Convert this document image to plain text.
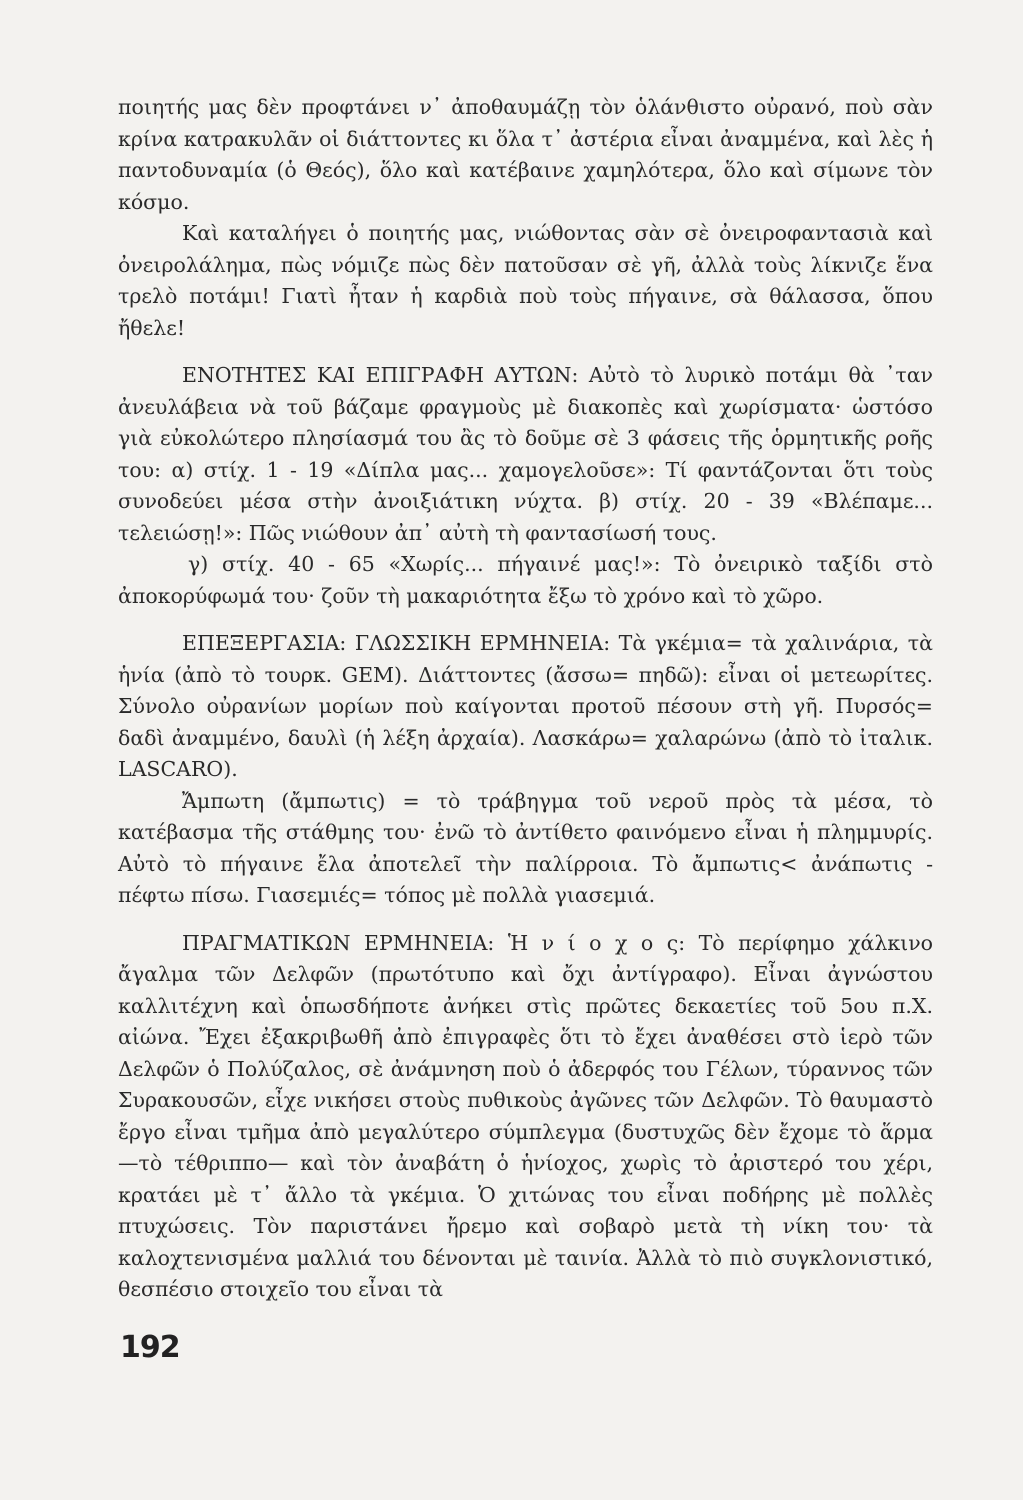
ποιητής μας δὲν προφτάνει ν᾿ ἀποθαυμάζῃ τὸν ὁλάνθιστο οὐρανό, ποὺ σὰν κρίνα κατρακυλᾶν οἱ διάττοντες κι ὅλα τ᾿ ἀστέρια εἶναι ἀναμμένα, καὶ λὲς ἡ παντοδυναμία (ὁ Θεός), ὅλο καὶ κατέβαινε χαμηλότερα, ὅλο καὶ σίμωνε τὸν κόσμο.

Καὶ καταλήγει ὁ ποιητής μας, νιώθοντας σὰν σὲ ὀνειροφαντασιὰ καὶ ὀνειρολάλημα, πὼς νόμιζε πὼς δὲν πατοῦσαν σὲ γῆ, ἀλλὰ τοὺς λίκνιζε ἕνα τρελὸ ποτάμι! Γιατὶ ἦταν ἡ καρδιὰ ποὺ τοὺς πήγαινε, σὰ θάλασσα, ὅπου ἤθελε!

ΕΝΟΤΗΤΕΣ ΚΑΙ ΕΠΙΓΡΑΦΗ ΑΥΤΩΝ: Αὐτὸ τὸ λυρικὸ ποτάμι θὰ ᾿ταν ἀνευλάβεια νὰ τοῦ βάζαμε φραγμοὺς μὲ διακοπὲς καὶ χωρίσματα· ὡστόσο γιὰ εὐκολώτερο πλησίασμά του ἂς τὸ δοῦμε σὲ 3 φάσεις τῆς ὁρμητικῆς ροῆς του: α) στίχ. 1 - 19 «Δίπλα μας... χαμογελοῦσε»: Τί φαντάζονται ὅτι τοὺς συνοδεύει μέσα στὴν ἀνοιξιάτικη νύχτα. β) στίχ. 20 - 39 «Βλέπαμε... τελειώσῃ!»: Πῶς νιώθουν ἀπ᾿ αὐτὴ τὴ φαντασίωσή τους.

γ) στίχ. 40 - 65 «Χωρίς... πήγαινέ μας!»: Τὸ ὀνειρικὸ ταξίδι στὸ ἀποκορύφωμά του· ζοῦν τὴ μακαριότητα ἔξω τὸ χρόνο καὶ τὸ χῶρο.

ΕΠΕΞΕΡΓΑΣΙΑ: ΓΛΩΣΣΙΚΗ ΕΡΜΗΝΕΙΑ: Τὰ γκέμια= τὰ χαλινάρια, τὰ ἡνία (ἀπὸ τὸ τουρκ. GEM). Διάττοντες (ἄσσω= πηδῶ): εἶναι οἱ μετεωρίτες. Σύνολο οὐρανίων μορίων ποὺ καίγονται προτοῦ πέσουν στὴ γῆ. Πυρσός= δαδὶ ἀναμμένο, δαυλὶ (ἡ λέξη ἀρχαία). Λασκάρω= χαλαρώνω (ἀπὸ τὸ ἰταλικ. LASCARO).

Ἄμπωτη (ἄμπωτις) = τὸ τράβηγμα τοῦ νεροῦ πρὸς τὰ μέσα, τὸ κατέβασμα τῆς στάθμης του· ἐνῶ τὸ ἀντίθετο φαινόμενο εἶναι ἡ πλημμυρίς. Αὐτὸ τὸ πήγαινε ἔλα ἀποτελεῖ τὴν παλίρροια. Τὸ ἄμπωτις< ἀνάπωτις - πέφτω πίσω. Γιασεμιές= τόπος μὲ πολλὰ γιασεμιά.

ΠΡΑΓΜΑΤΙΚΩΝ ΕΡΜΗΝΕΙΑ: Ἡ ν ί ο χ ο ς: Τὸ περίφημο χάλκινο ἄγαλμα τῶν Δελφῶν (πρωτότυπο καὶ ὄχι ἀντίγραφο). Εἶναι ἀγνώστου καλλιτέχνη καὶ ὁπωσδήποτε ἀνήκει στὶς πρῶτες δεκαετίες τοῦ 5ου π.Χ. αἰώνα. Ἔχει ἐξακριβωθῆ ἀπὸ ἐπιγραφὲς ὅτι τὸ ἔχει ἀναθέσει στὸ ἱερὸ τῶν Δελφῶν ὁ Πολύζαλος, σὲ ἀνάμνηση ποὺ ὁ ἀδερφός του Γέλων, τύραννος τῶν Συρακουσῶν, εἶχε νικήσει στοὺς πυθικοὺς ἀγῶνες τῶν Δελφῶν. Τὸ θαυμαστὸ ἔργο εἶναι τμῆμα ἀπὸ μεγαλύτερο σύμπλεγμα (δυστυχῶς δὲν ἔχομε τὸ ἅρμα —τὸ τέθριππο— καὶ τὸν ἀναβάτη ὁ ἡνίοχος, χωρὶς τὸ ἀριστερό του χέρι, κρατάει μὲ τ᾿ ἄλλο τὰ γκέμια. Ὁ χιτώνας του εἶναι ποδήρης μὲ πολλὲς πτυχώσεις. Τὸν παριστάνει ἤρεμο καὶ σοβαρὸ μετὰ τὴ νίκη του· τὰ καλοχτενισμένα μαλλιά του δένονται μὲ ταινία. Ἀλλὰ τὸ πιὸ συγκλονιστικό, θεσπέσιο στοιχεῖο του εἶναι τὰ

192
